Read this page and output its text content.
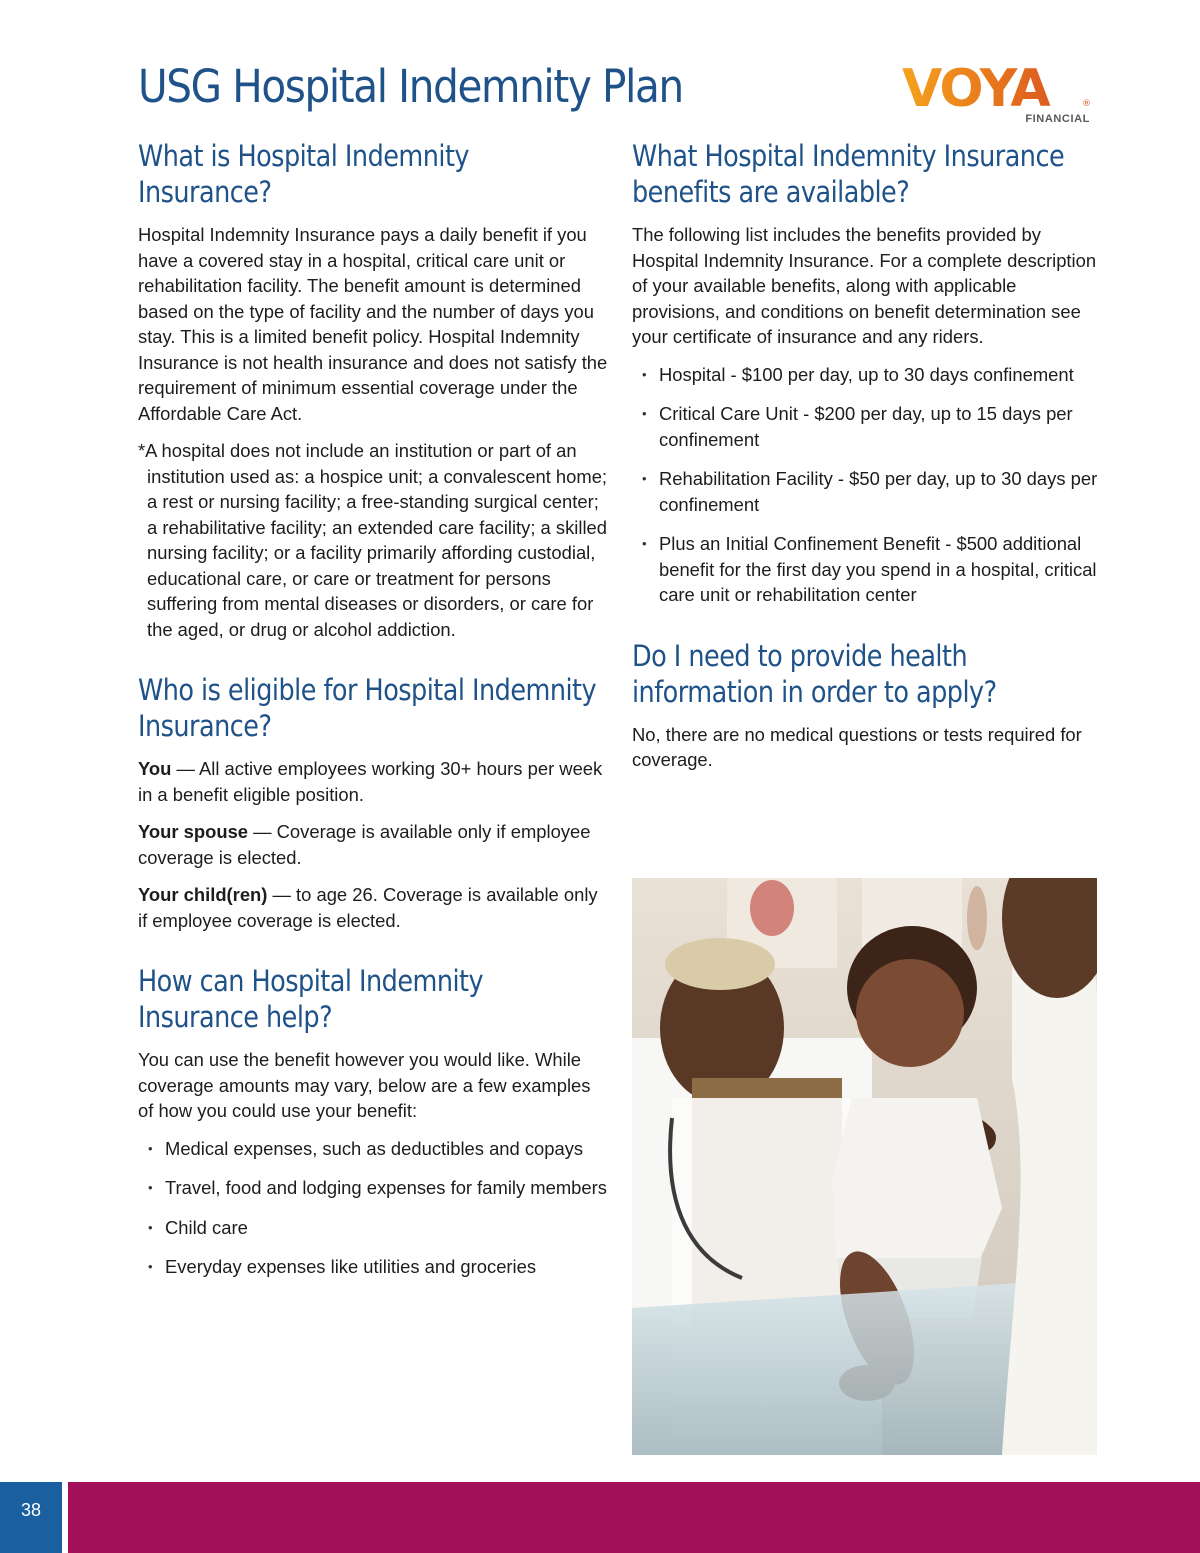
USG Hospital Indemnity Plan	VOYA	®
FINANCIAL
What is Hospital Indemnity Insurance?

Hospital Indemnity Insurance pays a daily benefit if you have a covered stay in a hospital, critical care unit or rehabilitation facility. The benefit amount is determined based on the type of facility and the number of days you stay. This is a limited benefit policy. Hospital Indemnity Insurance is not health insurance and does not satisfy the requirement of minimum essential coverage under the Affordable Care Act.

*A hospital does not include an institution or part of an institution used as: a hospice unit; a convalescent home; a rest or nursing facility; a free-standing surgical center; a rehabilitative facility; an extended care facility; a skilled nursing facility; or a facility primarily affording custodial, educational care, or care or treatment for persons suffering from mental diseases or disorders, or care for the aged, or drug or alcohol addiction.

Who is eligible for Hospital Indemnity Insurance?

You — All active employees working 30+ hours per week in a benefit eligible position.

Your spouse — Coverage is available only if employee coverage is elected.

Your child(ren) — to age 26. Coverage is available only if employee coverage is elected.

How can Hospital Indemnity Insurance help?

You can use the benefit however you would like. While coverage amounts may vary, below are a few examples of how you could use your benefit:

• Medical expenses, such as deductibles and copays
• Travel, food and lodging expenses for family members
• Child care
• Everyday expenses like utilities and groceries
What Hospital Indemnity Insurance benefits are available?

The following list includes the benefits provided by Hospital Indemnity Insurance. For a complete description of your available benefits, along with applicable provisions, and conditions on benefit determination see your certificate of insurance and any riders.

• Hospital - $100 per day, up to 30 days confinement
• Critical Care Unit - $200 per day, up to 15 days per confinement
• Rehabilitation Facility - $50 per day, up to 30 days per confinement
• Plus an Initial Confinement Benefit - $500 additional benefit for the first day you spend in a hospital, critical care unit or rehabilitation center
Do I need to provide health information in order to apply?

No, there are no medical questions or tests required for coverage.

38
